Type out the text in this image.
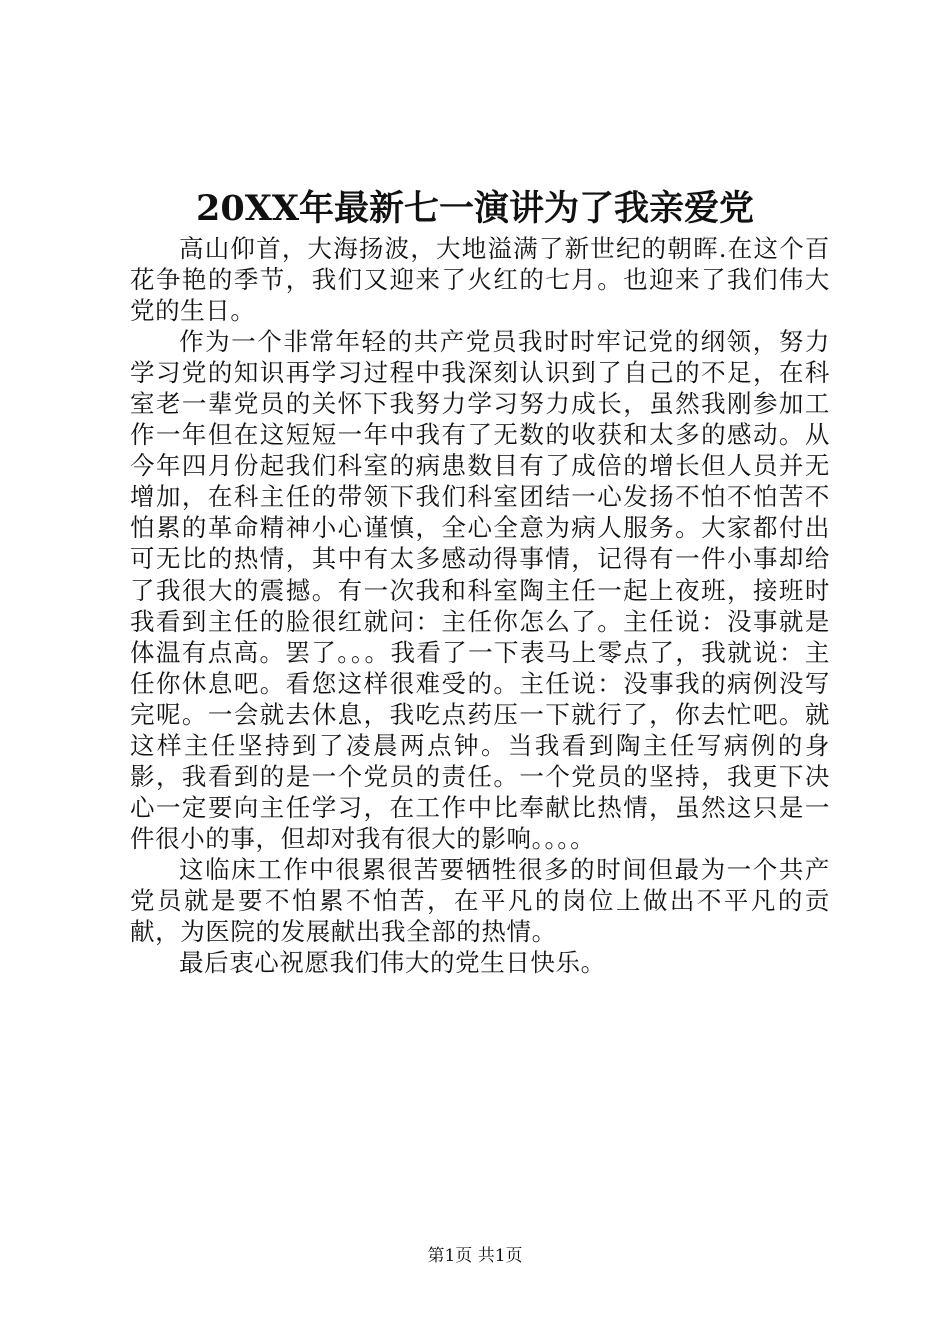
20XX年最新七一演讲为了我亲爱党

高山仰首，大海扬波，大地溢满了新世纪的朝晖.在这个百花争艳的季节，我们又迎来了火红的七月。也迎来了我们伟大党的生日。

作为一个非常年轻的共产党员我时时牢记党的纲领，努力学习党的知识再学习过程中我深刻认识到了自己的不足，在科室老一辈党员的关怀下我努力学习努力成长，虽然我刚参加工作一年但在这短短一年中我有了无数的收获和太多的感动。从今年四月份起我们科室的病患数目有了成倍的增长但人员并无增加，在科主任的带领下我们科室团结一心发扬不怕不怕苦不怕累的革命精神小心谨慎，全心全意为病人服务。大家都付出可无比的热情，其中有太多感动得事情，记得有一件小事却给了我很大的震撼。有一次我和科室陶主任一起上夜班，接班时我看到主任的脸很红就问：主任你怎么了。主任说：没事就是体温有点高。罢了。。。我看了一下表马上零点了，我就说：主任你休息吧。看您这样很难受的。主任说：没事我的病例没写完呢。一会就去休息，我吃点药压一下就行了，你去忙吧。就这样主任坚持到了凌晨两点钟。当我看到陶主任写病例的身影，我看到的是一个党员的责任。一个党员的坚持，我更下决心一定要向主任学习，在工作中比奉献比热情，虽然这只是一件很小的事，但却对我有很大的影响。。。。

这临床工作中很累很苦要牺牲很多的时间但最为一个共产党员就是要不怕累不怕苦，在平凡的岗位上做出不平凡的贡献，为医院的发展献出我全部的热情。

最后衷心祝愿我们伟大的党生日快乐。

第1页 共1页
